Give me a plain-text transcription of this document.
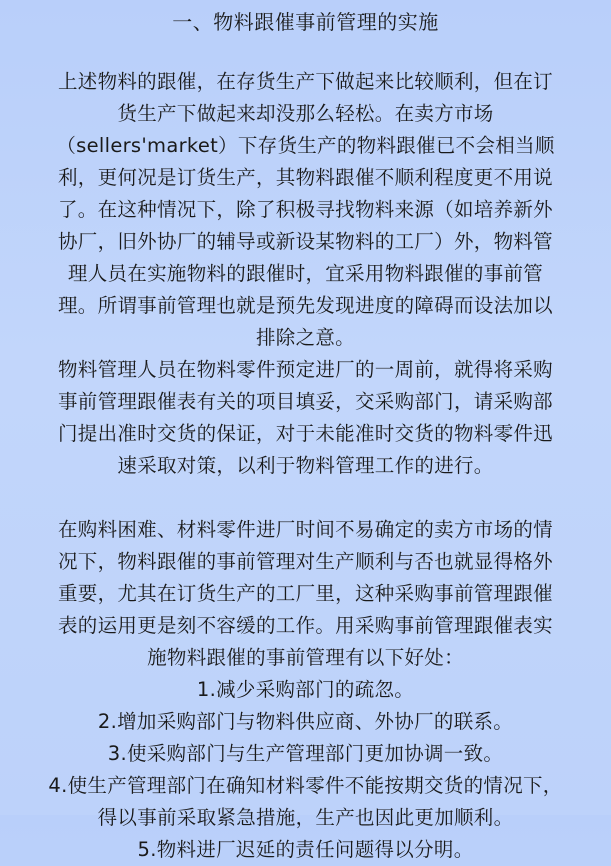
一、物料跟催事前管理的实施

上述物料的跟催，在存货生产下做起来比较顺利，但在订
货生产下做起来却没那么轻松。在卖方市场
（sellers'market）下存货生产的物料跟催已不会相当顺
利，更何况是订货生产，其物料跟催不顺利程度更不用说
了。在这种情况下，除了积极寻找物料来源（如培养新外
协厂，旧外协厂的辅导或新设某物料的工厂）外，物料管
理人员在实施物料的跟催时，宜采用物料跟催的事前管
理。所谓事前管理也就是预先发现进度的障碍而设法加以
排除之意。

物料管理人员在物料零件预定进厂的一周前，就得将采购
事前管理跟催表有关的项目填妥，交采购部门，请采购部
门提出准时交货的保证，对于未能准时交货的物料零件迅
速采取对策，以利于物料管理工作的进行。

在购料困难、材料零件进厂时间不易确定的卖方市场的情
况下，物料跟催的事前管理对生产顺利与否也就显得格外
重要，尤其在订货生产的工厂里，这种采购事前管理跟催
表的运用更是刻不容缓的工作。用采购事前管理跟催表实
施物料跟催的事前管理有以下好处：

1.减少采购部门的疏忽。
2.增加采购部门与物料供应商、外协厂的联系。
3.使采购部门与生产管理部门更加协调一致。
4.使生产管理部门在确知材料零件不能按期交货的情况下，
得以事前采取紧急措施，生产也因此更加顺利。
5.物料进厂迟延的责任问题得以分明。
